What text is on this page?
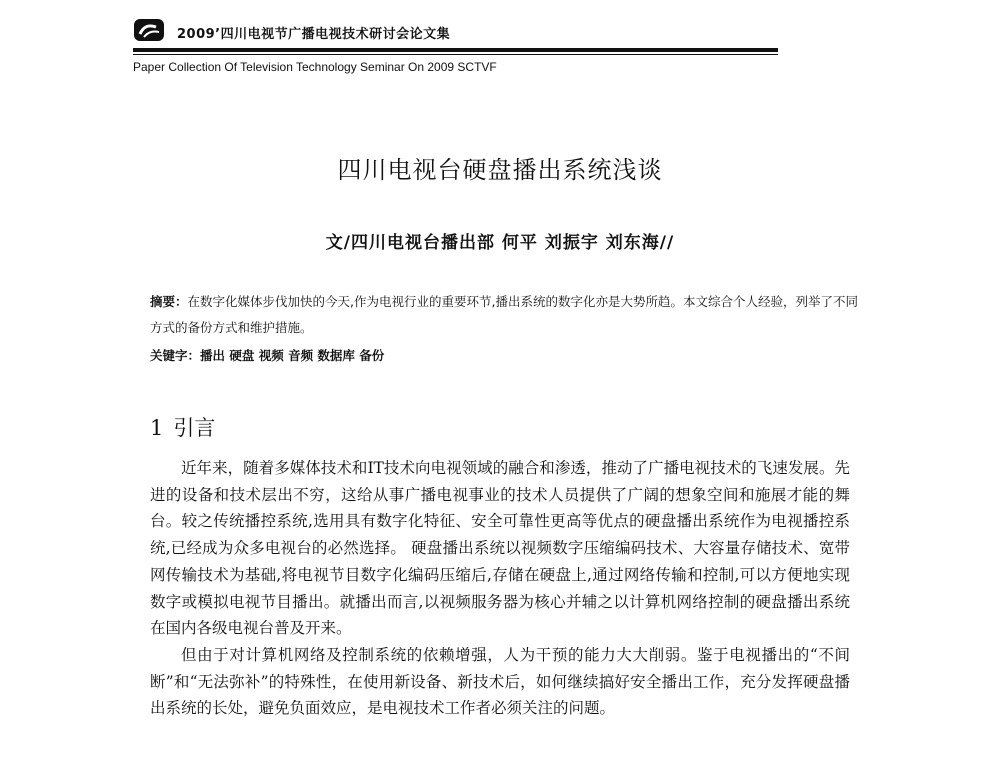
2009’四川电视节广播电视技术研讨会论文集
Paper Collection Of Television Technology Seminar On 2009 SCTVF
四川电视台硬盘播出系统浅谈
文/四川电视台播出部 何平 刘振宇 刘东海//
摘要：在数字化媒体步伐加快的今天,作为电视行业的重要环节,播出系统的数字化亦是大势所趋。本文综合个人经验，列举了不同方式的备份方式和维护措施。
关键字：播出 硬盘 视频 音频 数据库 备份
1 引言

近年来，随着多媒体技术和IT技术向电视领域的融合和渗透，推动了广播电视技术的飞速发展。先进的设备和技术层出不穷，这给从事广播电视事业的技术人员提供了广阔的想象空间和施展才能的舞台。较之传统播控系统,选用具有数字化特征、安全可靠性更高等优点的硬盘播出系统作为电视播控系统,已经成为众多电视台的必然选择。 硬盘播出系统以视频数字压缩编码技术、大容量存储技术、宽带网传输技术为基础,将电视节目数字化编码压缩后,存储在硬盘上,通过网络传输和控制,可以方便地实现数字或模拟电视节目播出。就播出而言,以视频服务器为核心并辅之以计算机网络控制的硬盘播出系统在国内各级电视台普及开来。

但由于对计算机网络及控制系统的依赖增强，人为干预的能力大大削弱。鉴于电视播出的“不间断”和“无法弥补”的特殊性，在使用新设备、新技术后，如何继续搞好安全播出工作，充分发挥硬盘播出系统的长处，避免负面效应，是电视技术工作者必须关注的问题。
